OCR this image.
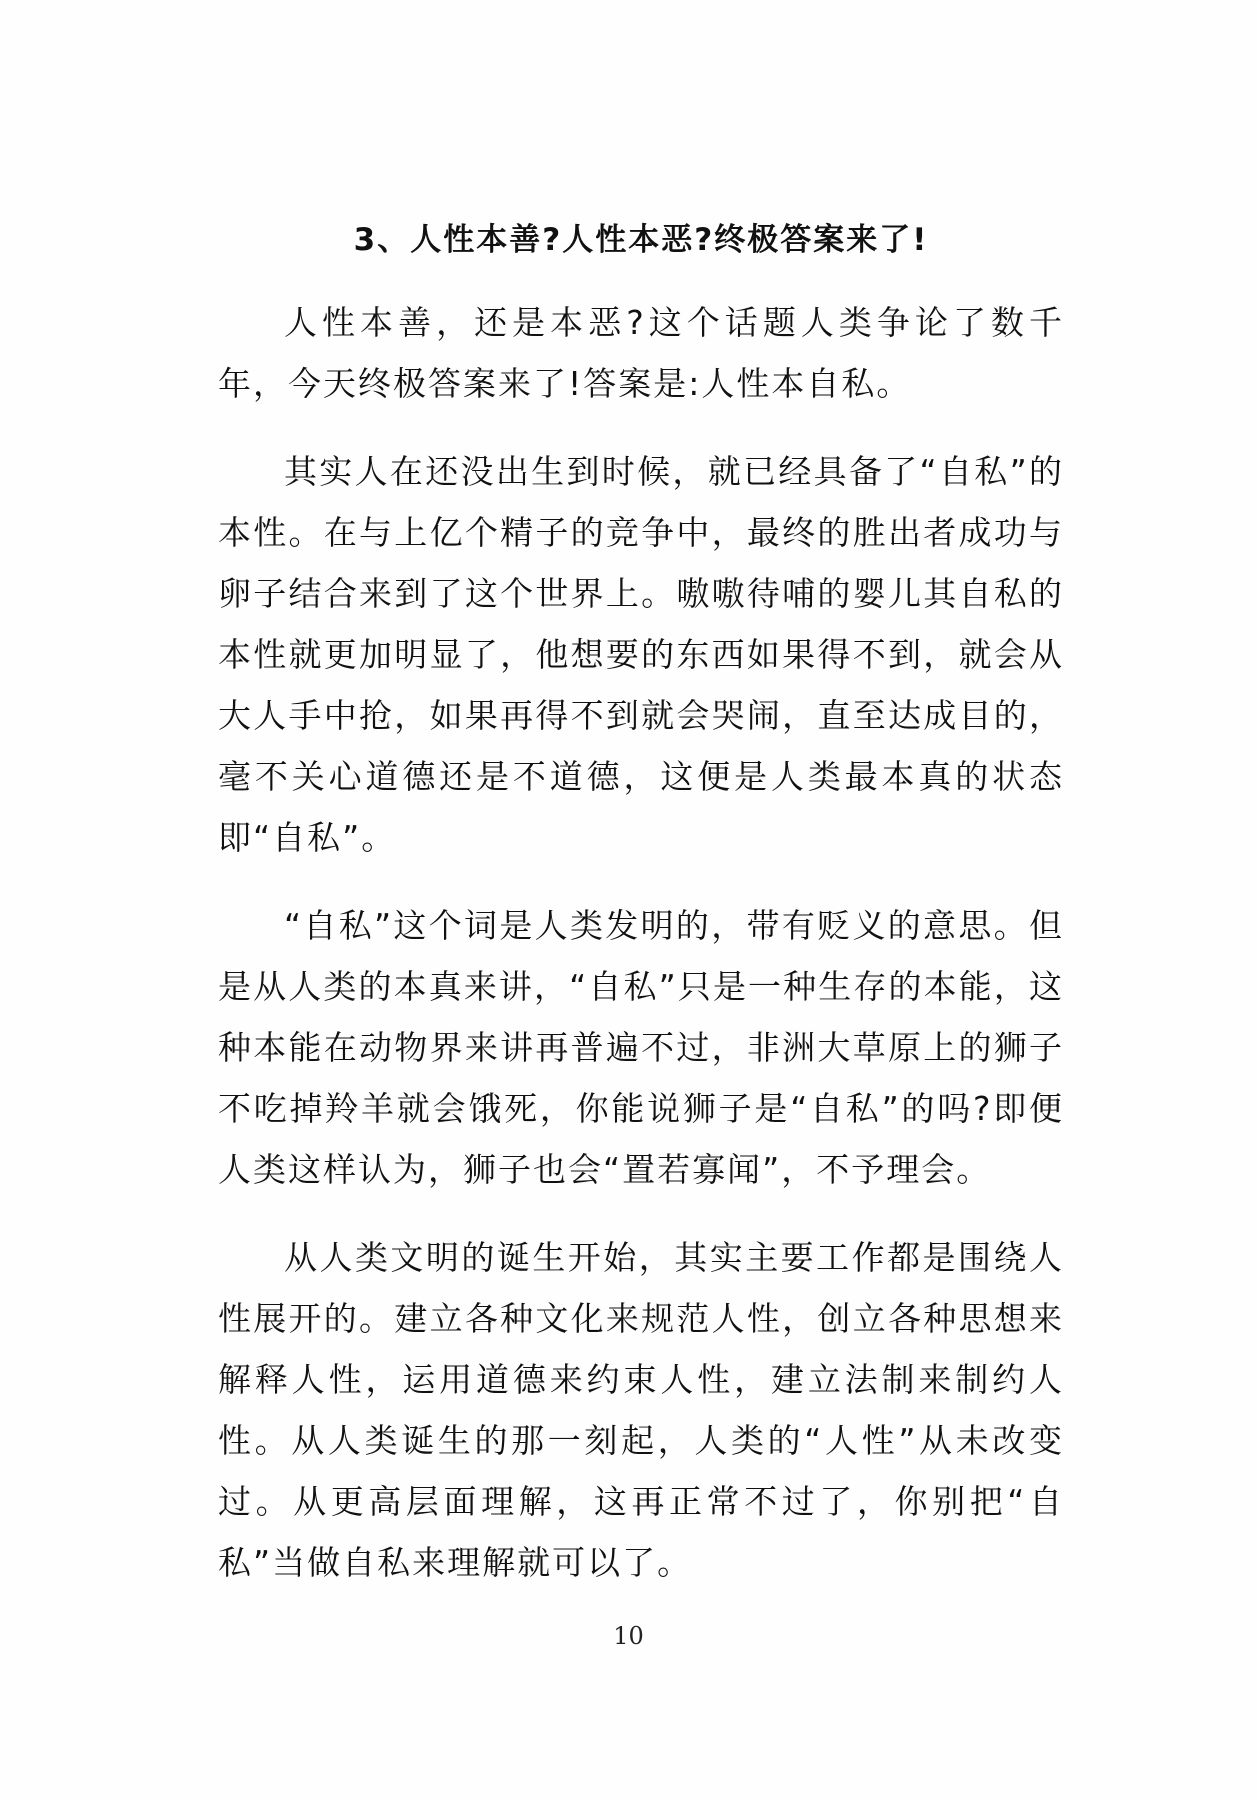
3、人性本善?人性本恶?终极答案来了!

人性本善，还是本恶?这个话题人类争论了数千年，今天终极答案来了!答案是:人性本自私。

其实人在还没出生到时候，就已经具备了“自私”的本性。在与上亿个精子的竞争中，最终的胜出者成功与卵子结合来到了这个世界上。嗷嗷待哺的婴儿其自私的本性就更加明显了，他想要的东西如果得不到，就会从大人手中抢，如果再得不到就会哭闹，直至达成目的，毫不关心道德还是不道德，这便是人类最本真的状态即“自私”。

“自私”这个词是人类发明的，带有贬义的意思。但是从人类的本真来讲，“自私”只是一种生存的本能，这种本能在动物界来讲再普遍不过，非洲大草原上的狮子不吃掉羚羊就会饿死，你能说狮子是“自私”的吗?即便人类这样认为，狮子也会“置若寡闻”，不予理会。

从人类文明的诞生开始，其实主要工作都是围绕人性展开的。建立各种文化来规范人性，创立各种思想来解释人性，运用道德来约束人性，建立法制来制约人性。从人类诞生的那一刻起，人类的“人性”从未改变过。从更高层面理解，这再正常不过了，你别把“自私”当做自私来理解就可以了。

10
